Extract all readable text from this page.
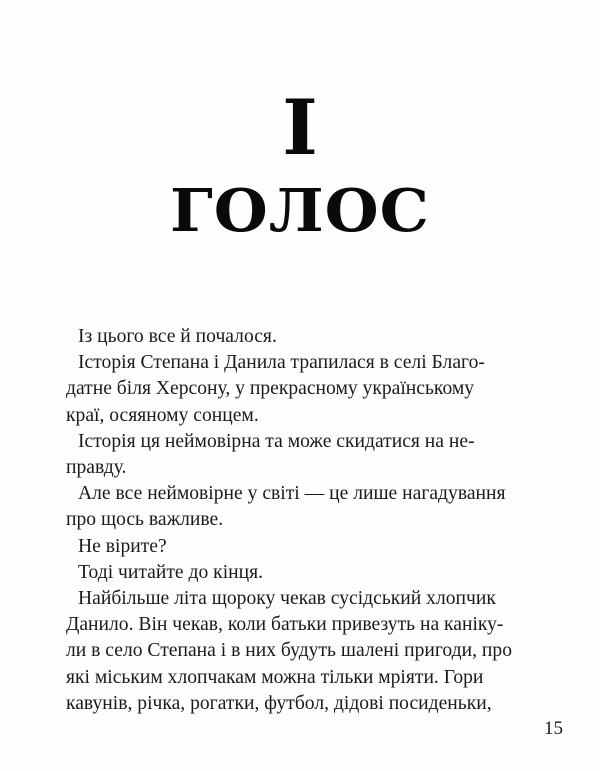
I
ГОЛОС
Із цього все й почалося.
Історія Степана і Данила трапилася в селі Благо-
датне біля Херсону, у прекрасному українському
краї, осяяному сонцем.
Історія ця неймовірна та може скидатися на не-
правду.
Але все неймовірне у світі — це лише нагадування
про щось важливе.
Не вірите?
Тоді читайте до кінця.
Найбільше літа щороку чекав сусідський хлопчик
Данило. Він чекав, коли батьки привезуть на каніку-
ли в село Степана і в них будуть шалені пригоди, про
які міським хлопчакам можна тільки мріяти. Гори
кавунів, річка, рогатки, футбол, дідові посиденьки,
15
